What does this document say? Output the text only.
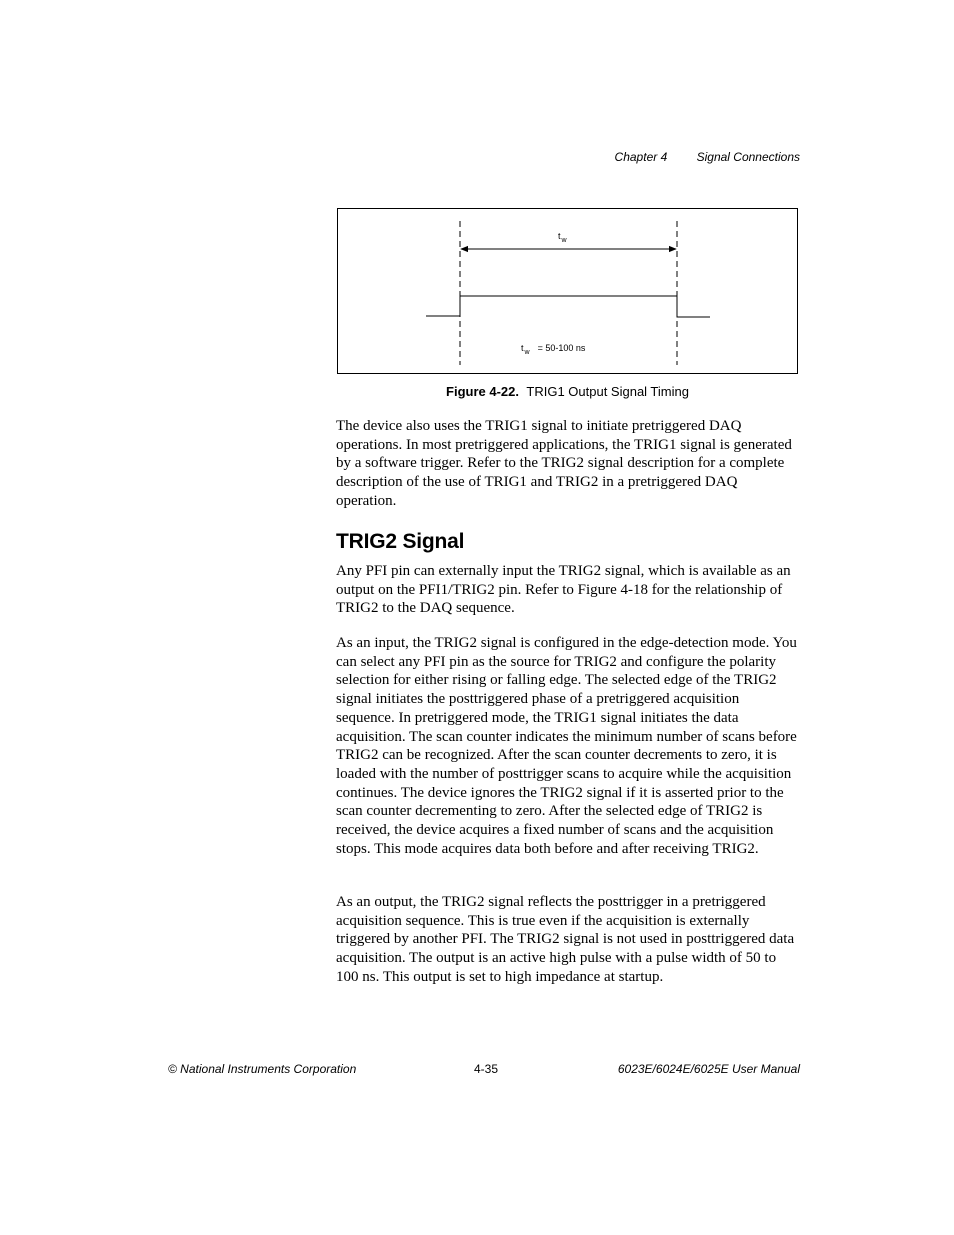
Chapter 4 Signal Connections
$t_w$
$t_w = 50-100$ ns
Figure 4-22. TRIG1 Output Signal Timing

The device also uses the TRIG1 signal to initiate pretriggered DAQ operations. In most pretriggered applications, the TRIG1 signal is generated by a software trigger. Refer to the TRIG2 signal description for a complete description of the use of TRIG1 and TRIG2 in a pretriggered DAQ operation.

TRIG2 Signal

Any PFI pin can externally input the TRIG2 signal, which is available as an output on the PFI1/TRIG2 pin. Refer to Figure 4-18 for the relationship of TRIG2 to the DAQ sequence.

As an input, the TRIG2 signal is configured in the edge-detection mode. You can select any PFI pin as the source for TRIG2 and configure the polarity selection for either rising or falling edge. The selected edge of the TRIG2 signal initiates the posttriggered phase of a pretriggered acquisition sequence. In pretriggered mode, the TRIG1 signal initiates the data acquisition. The scan counter indicates the minimum number of scans before TRIG2 can be recognized. After the scan counter decrements to zero, it is loaded with the number of posttrigger scans to acquire while the acquisition continues. The device ignores the TRIG2 signal if it is asserted prior to the scan counter decrementing to zero. After the selected edge of TRIG2 is received, the device acquires a fixed number of scans and the acquisition stops. This mode acquires data both before and after receiving TRIG2.

As an output, the TRIG2 signal reflects the posttrigger in a pretriggered acquisition sequence. This is true even if the acquisition is externally triggered by another PFI. The TRIG2 signal is not used in posttriggered data acquisition. The output is an active high pulse with a pulse width of 50 to 100 ns. This output is set to high impedance at startup.

© National Instruments Corporation	4-35	6023E/6024E/6025E User Manual
